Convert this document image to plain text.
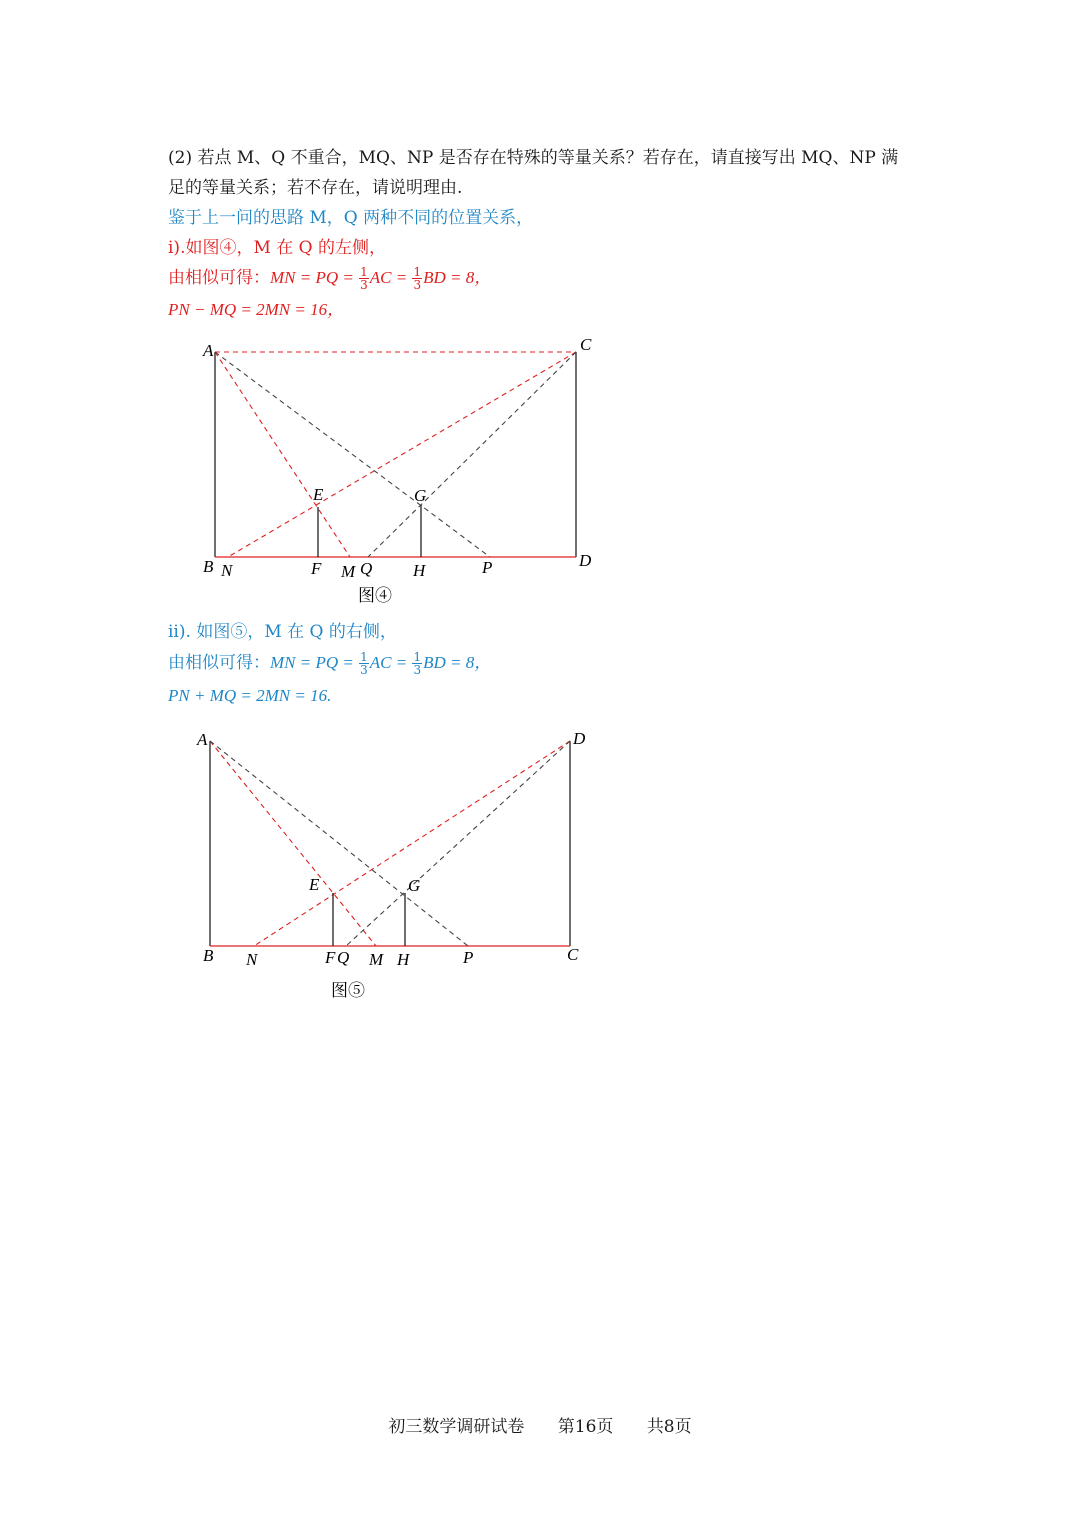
(2) 若点 M、Q 不重合，MQ、NP 是否存在特殊的等量关系？若存在，请直接写出 MQ、NP 满
足的等量关系；若不存在，请说明理由.
鉴于上一问的思路 M，Q 两种不同的位置关系，
i).如图④，M 在 Q 的左侧，
由相似可得：MN = PQ = $\frac{1}{3}$ AC = $\frac{1}{3}$ BD = 8，
PN − MQ = 2MN = 16，
A	C
B N
E	G
F M Q H	P	D
图④
ii). 如图⑤，M 在 Q 的右侧，
由相似可得：MN = PQ = $\frac{1}{3}$ AC = $\frac{1}{3}$ BD = 8，
PN + MQ = 2MN = 16.
A	D
B N
E	G
F Q M H	P	C
图⑤
初三数学调研试卷 第16页 共8页
